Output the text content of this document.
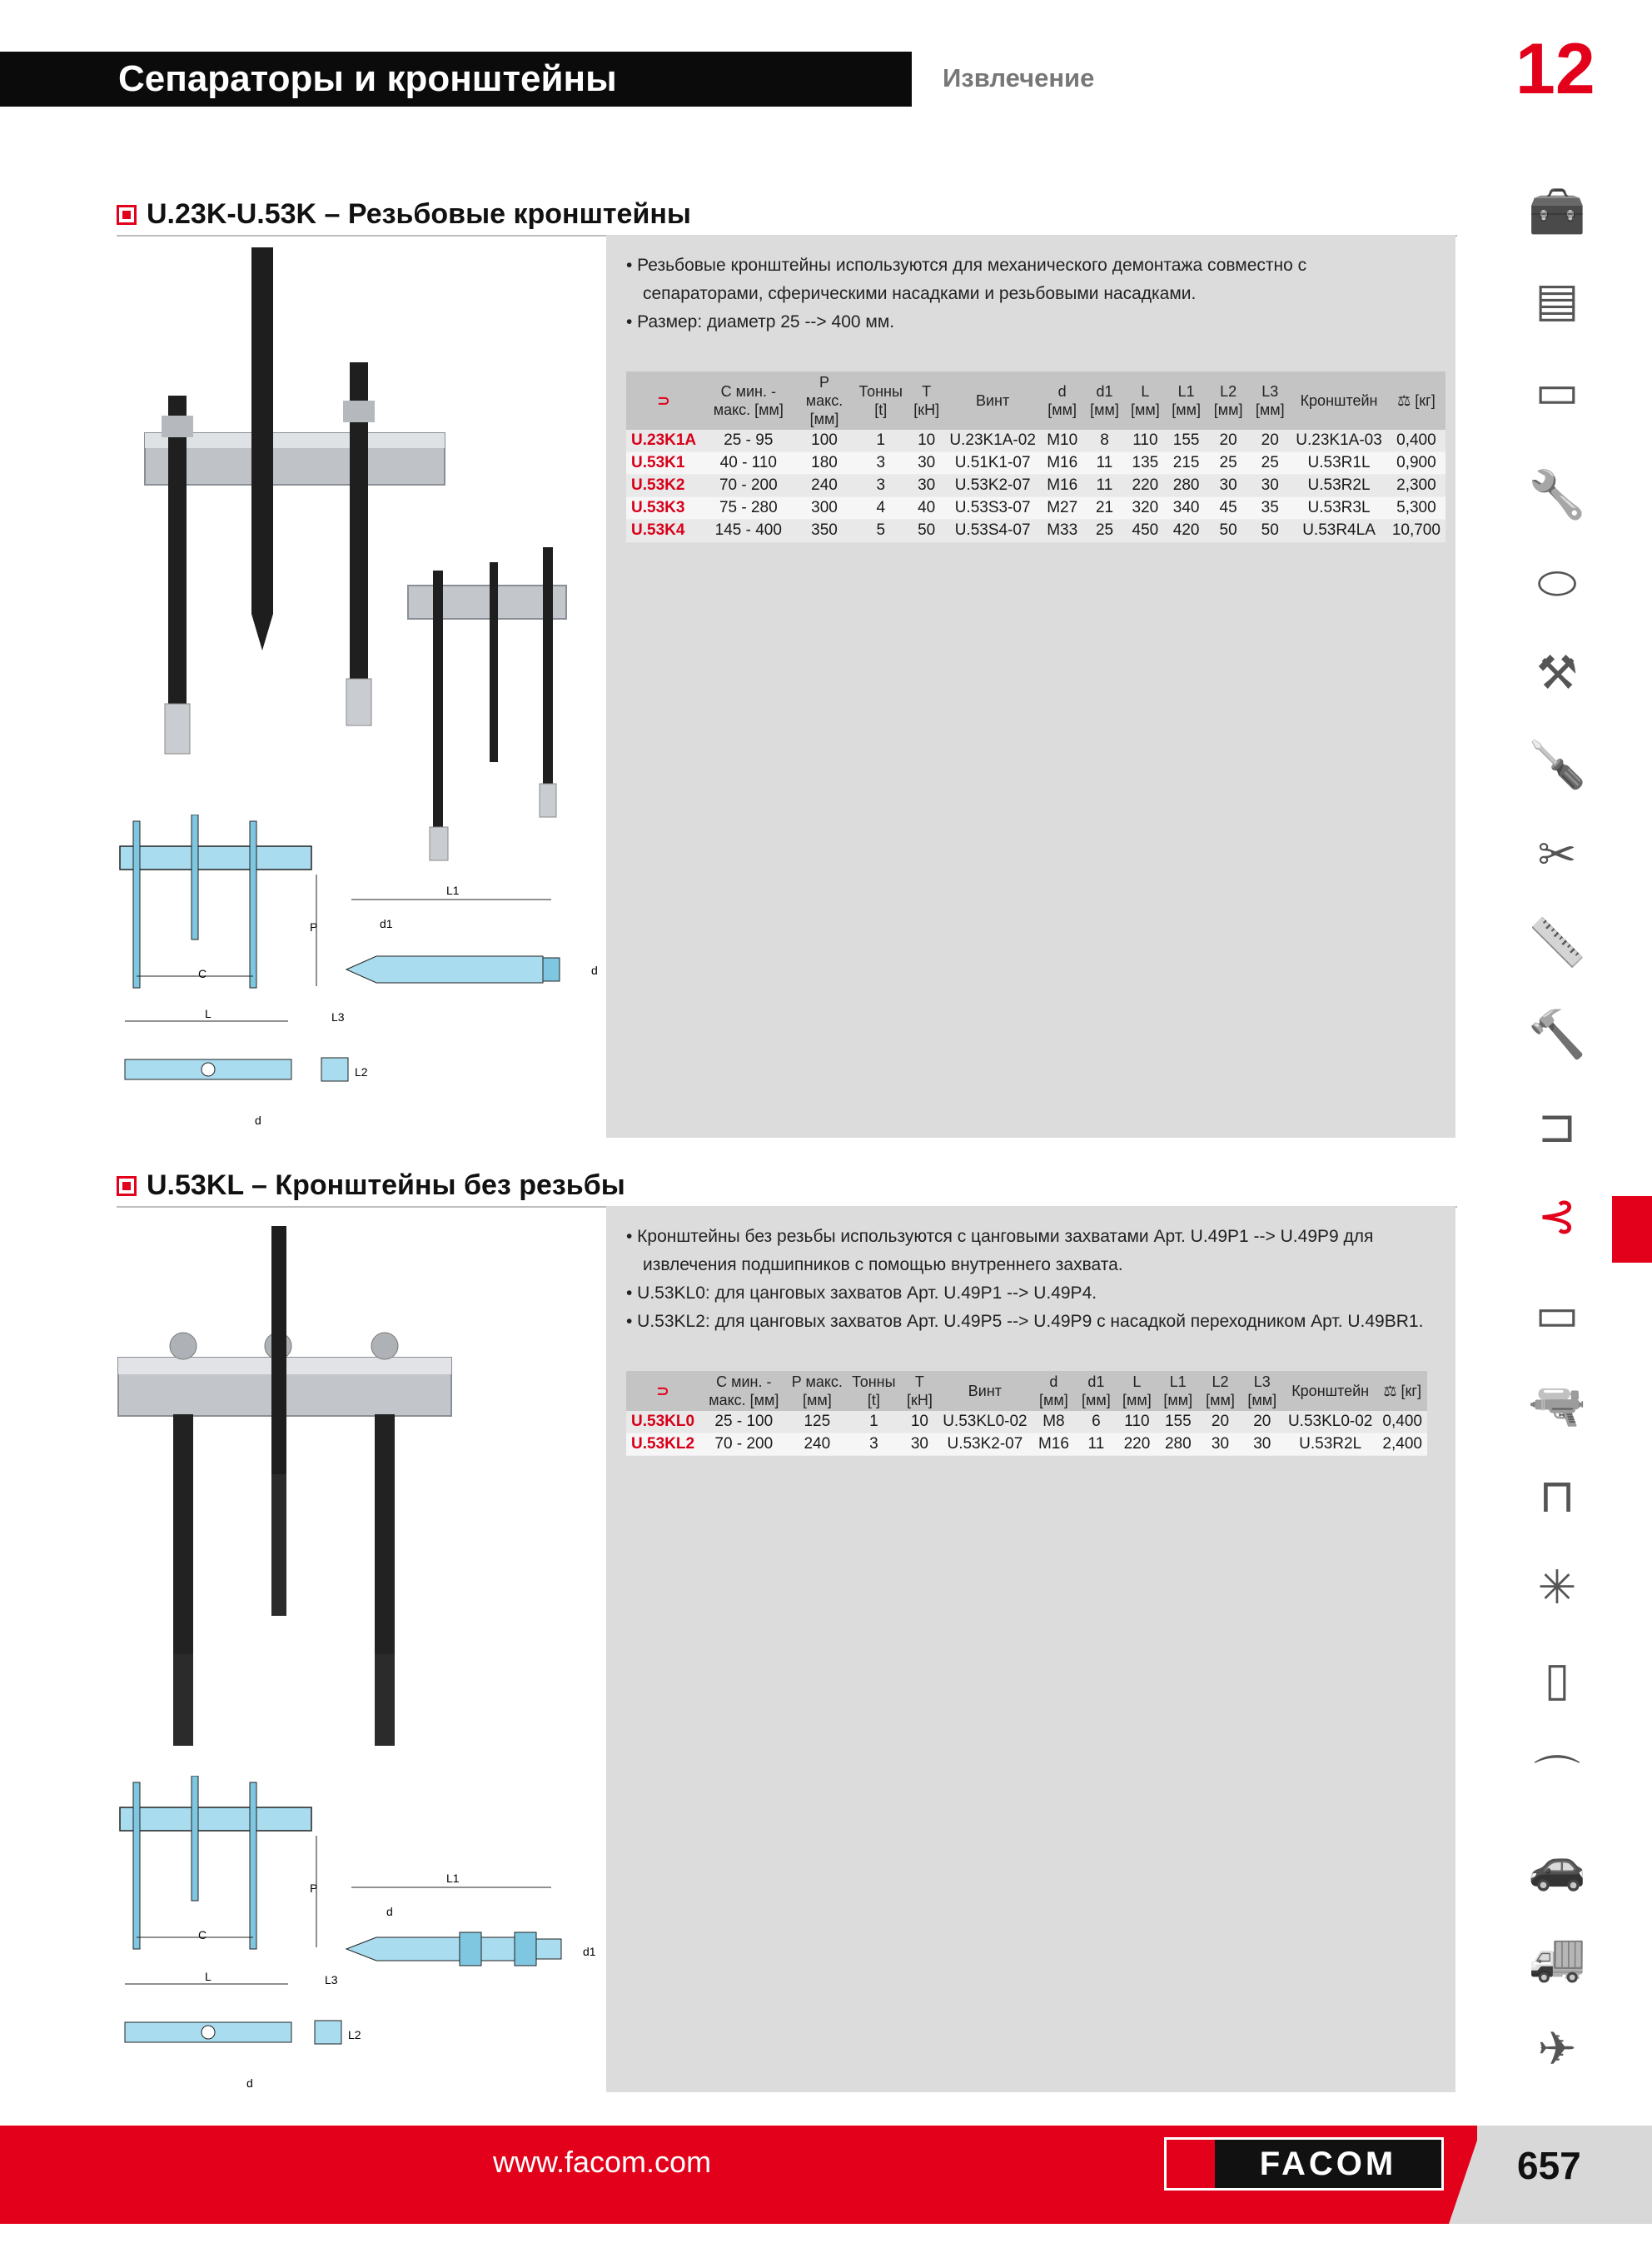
Сепараторы и кронштейны	Извлечение	12
U.23K-U.53K – Резьбовые кронштейны
• Резьбовые кронштейны используются для механического демонтажа совместно с сепараторами, сферическими насадками и резьбовыми насадками.
• Размер: диаметр 25 --> 400 мм.
C
P
L1
d1
d
L
d
L3
L2
⊃	С мин. - макс. [мм]	P макс. [мм]	Тонны [t]	T [кН]	Винт	d [мм]	d1 [мм]	L [мм]	L1 [мм]	L2 [мм]	L3 [мм]	Кронштейн	⚖ [кг]
U.23K1A	25 - 95	100	1	10	U.23K1A-02	M10	8	110	155	20	20	U.23K1A-03	0,400
U.53K1	40 - 110	180	3	30	U.51K1-07	M16	11	135	215	25	25	U.53R1L	0,900
U.53K2	70 - 200	240	3	30	U.53K2-07	M16	11	220	280	30	30	U.53R2L	2,300
U.53K3	75 - 280	300	4	40	U.53S3-07	M27	21	320	340	45	35	U.53R3L	5,300
U.53K4	145 - 400	350	5	50	U.53S4-07	M33	25	450	420	50	50	U.53R4LA	10,700
U.53KL – Кронштейны без резьбы
• Кронштейны без резьбы используются с цанговыми захватами Арт. U.49P1 --> U.49P9 для извлечения подшипников с помощью внутреннего захвата.
• U.53KL0: для цанговых захватов Арт. U.49P1 --> U.49P4.
• U.53KL2: для цанговых захватов Арт. U.49P5 --> U.49P9 с насадкой переходником Арт. U.49BR1.
C
P
L1
d
d1
L
d
L3
L2
⊃	С мин. - макс. [мм]	P макс. [мм]	Тонны [t]	T [кН]	Винт	d [мм]	d1 [мм]	L [мм]	L1 [мм]	L2 [мм]	L3 [мм]	Кронштейн	⚖ [кг]
U.53KL0	25 - 100	125	1	10	U.53KL0-02	M8	6	110	155	20	20	U.53KL0-02	0,400
U.53KL2	70 - 200	240	3	30	U.53K2-07	M16	11	220	280	30	30	U.53R2L	2,400
🧰
▤
▭
🔧
⬭
⚒
🪛
✂
📏
🔨
⊐
⊰
▭
🔫
⊓
✳
▯
⌒
🚗
🚚
✈
www.facom.com	FACOM	657
